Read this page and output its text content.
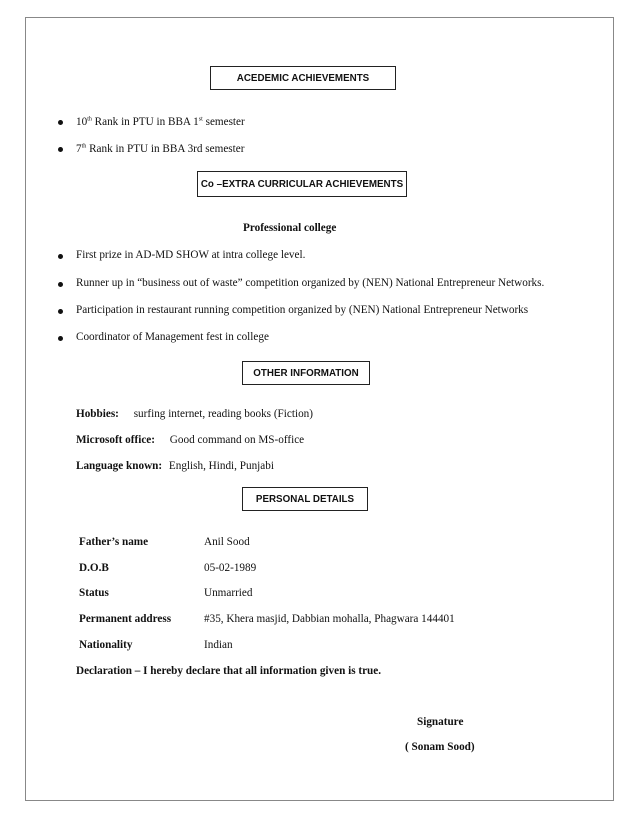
ACEDEMIC ACHIEVEMENTS
10th Rank in PTU in BBA 1st semester
7th Rank in PTU in BBA 3rd semester
Co –EXTRA CURRICULAR ACHIEVEMENTS
Professional college
First prize in AD-MD SHOW at intra college level.
Runner up in “business out of waste” competition organized by (NEN) National Entrepreneur Networks.
Participation in restaurant running competition organized by (NEN) National Entrepreneur Networks
Coordinator of Management fest in college
OTHER INFORMATION
Hobbies: surfing internet, reading books (Fiction)
Microsoft office: Good command on MS-office
Language known: English, Hindi, Punjabi
PERSONAL DETAILS
Father’s name	Anil Sood
D.O.B	05-02-1989
Status	Unmarried
Permanent address	#35, Khera masjid, Dabbian mohalla, Phagwara 144401
Nationality	Indian
Declaration – I hereby declare that all information given is true.
Signature
( Sonam Sood)
